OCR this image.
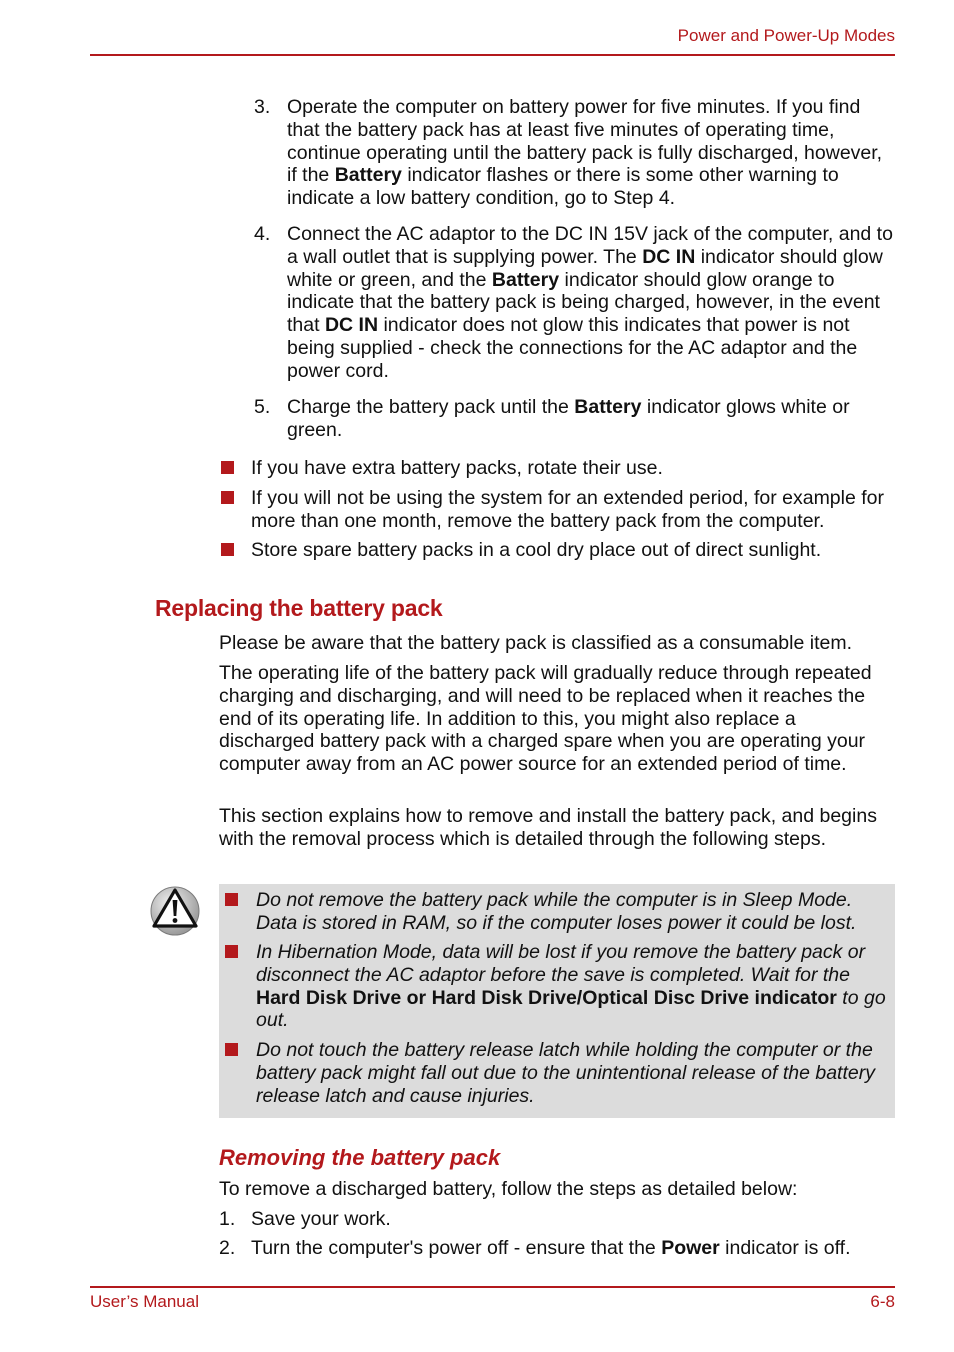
Power and Power-Up Modes
3. Operate the computer on battery power for five minutes. If you find that the battery pack has at least five minutes of operating time, continue operating until the battery pack is fully discharged, however, if the Battery indicator flashes or there is some other warning to indicate a low battery condition, go to Step 4.
4. Connect the AC adaptor to the DC IN 15V jack of the computer, and to a wall outlet that is supplying power. The DC IN indicator should glow white or green, and the Battery indicator should glow orange to indicate that the battery pack is being charged, however, in the event that DC IN indicator does not glow this indicates that power is not being supplied - check the connections for the AC adaptor and the power cord.
5. Charge the battery pack until the Battery indicator glows white or green.
If you have extra battery packs, rotate their use.
If you will not be using the system for an extended period, for example for more than one month, remove the battery pack from the computer.
Store spare battery packs in a cool dry place out of direct sunlight.
Replacing the battery pack
Please be aware that the battery pack is classified as a consumable item.
The operating life of the battery pack will gradually reduce through repeated charging and discharging, and will need to be replaced when it reaches the end of its operating life. In addition to this, you might also replace a discharged battery pack with a charged spare when you are operating your computer away from an AC power source for an extended period of time.
This section explains how to remove and install the battery pack, and begins with the removal process which is detailed through the following steps.
Do not remove the battery pack while the computer is in Sleep Mode. Data is stored in RAM, so if the computer loses power it could be lost.
In Hibernation Mode, data will be lost if you remove the battery pack or disconnect the AC adaptor before the save is completed. Wait for the Hard Disk Drive or Hard Disk Drive/Optical Disc Drive indicator to go out.
Do not touch the battery release latch while holding the computer or the battery pack might fall out due to the unintentional release of the battery release latch and cause injuries.
Removing the battery pack
To remove a discharged battery, follow the steps as detailed below:
1. Save your work.
2. Turn the computer's power off - ensure that the Power indicator is off.
User’s Manual	6-8
